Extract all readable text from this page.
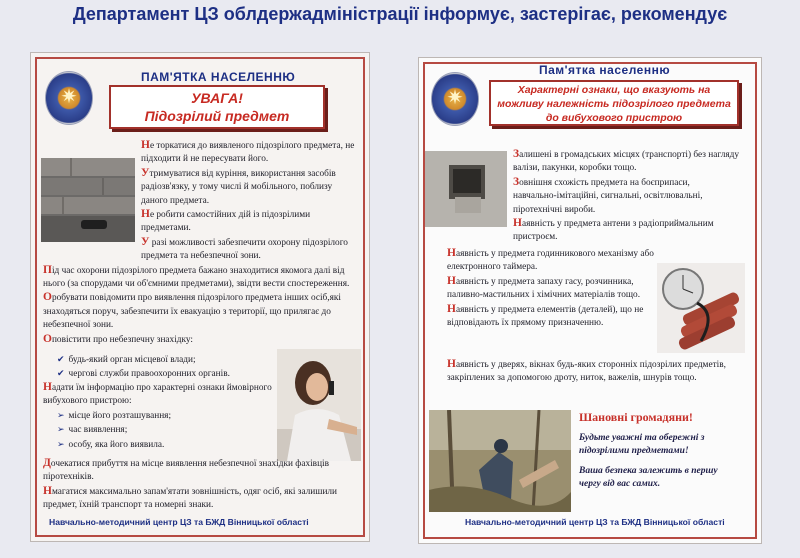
Департамент ЦЗ облдержадміністрації інформує, застерігає, рекомендує
✷
ПАМ'ЯТКА НАСЕЛЕННЮ
УВАГА!
Підозрілий предмет

Не торкатися до виявленого підозрілого предмета, не підходити й не пересувати його.

Утримуватися від куріння, використання засобів радіозв'язку, у тому числі й мобільного, поблизу даного предмета.

Не робити самостійних дій із підозрілими предметами.

У разі можливості забезпечити охорону підозрілого предмета та небезпечної зони.

Під час охорони підозрілого предмета бажано знаходитися якомога далі від нього (за спорудами чи об'ємними предметами), звідти вести спостереження.

Оробувати повідомити про виявлення підозрілого предмета інших осіб,які знаходяться поруч, забезпечити їх евакуацію з території, що прилягає до небезпечної зони.

Оповістити про небезпечну знахідку:

✔ будь-який орган місцевої влади;
✔ чергові служби правоохоронних органів.

Надати їм інформацію про характерні ознаки ймовірного вибухового пристрою:

➢ місце його розташування;
➢ час виявлення;
➢ особу, яка його виявила.

Дочекатися прибуття на місце виявлення небезпечної знахідки фахівців піротехніків.

Нмагатися максимально запам'ятати зовнішність, одяг осіб, які залишили предмет, їхній транспорт та номерні знаки.

Навчально-методичний центр ЦЗ та БЖД Вінницької області
✷
Пам'ятка населенню
Характерні ознаки, що вказують на можливу належність підозрілого предмета до вибухового пристрою

Залишені в громадських місцях (транспорті) без нагляду валізи, пакунки, коробки тощо.

Зовнішня схожість предмета на боєприпаси,

навчально-імітаційні, сигнальні, освітлювальні, піротехнічні вироби.

Наявність у предмета антени з радіоприймальним пристроєм.

Наявність у предмета годинникового механізму або електронного таймера.

Наявність у предмета запаху гасу, розчинника, паливно-мастильних і хімічних матеріалів тощо.

Наявність у предмета елементів (деталей), що не відповідають їх прямому призначенню.

Наявність у дверях, вікнах будь-яких сторонніх підозрілих предметів, закріплених за допомогою дроту, ниток, важелів, шнурів тощо.

Шановні громадяни!

Будьте уважні та обережні з підозрілими предметами!

Ваша безпека залежить в першу чергу від вас самих.

Навчально-методичний центр ЦЗ та БЖД Вінницької області
